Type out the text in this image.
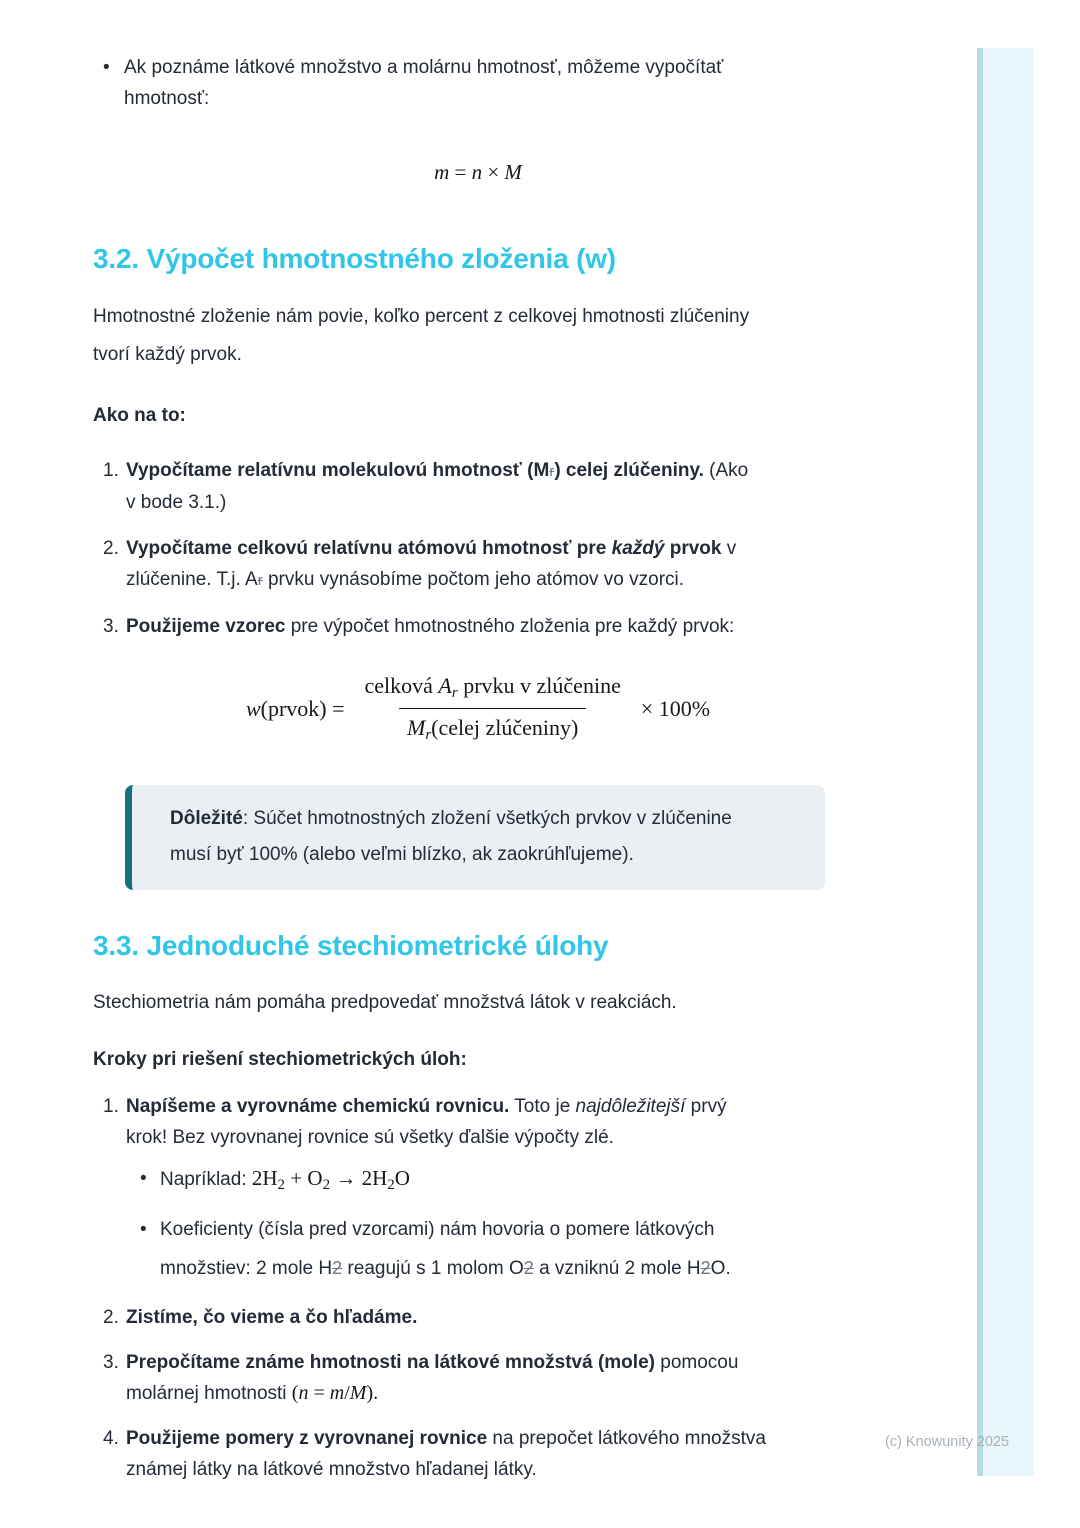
• Ak poznáme látkové množstvo a molárnu hmotnosť, môžeme vypočítať
hmotnosť:
m = n × M
3.2. Výpočet hmotnostného zloženia (w)
Hmotnostné zloženie nám povie, koľko percent z celkovej hmotnosti zlúčeniny
tvorí každý prvok.
Ako na to:
1. Vypočítame relatívnu molekulovú hmotnosť (Mr) celej zlúčeniny. (Ako
v bode 3.1.)
2. Vypočítame celkovú relatívnu atómovú hmotnosť pre každý prvok v
zlúčenine. T.j. Ar prvku vynásobíme počtom jeho atómov vo vzorci.
3. Použijeme vzorec pre výpočet hmotnostného zloženia pre každý prvok:
w(prvok) = $\frac{\text{celková Ar prvku v zlúčenine}}{\text{Mr(celej zlúčeniny)}} \times 100\%$
Dôležité: Súčet hmotnostných zložení všetkých prvkov v zlúčenine
musí byť 100% (alebo veľmi blízko, ak zaokrúhľujeme).
3.3. Jednoduché stechiometrické úlohy
Stechiometria nám pomáha predpovedať množstvá látok v reakciách.
Kroky pri riešení stechiometrických úloh:
1. Napíšeme a vyrovnáme chemickú rovnicu. Toto je najdôležitejší prvý
krok! Bez vyrovnanej rovnice sú všetky ďalšie výpočty zlé.
• Napríklad: 2H2 + O2 → 2H2O
• Koeficienty (čísla pred vzorcami) nám hovoria o pomere látkových
množstiev: 2 mole H2 reagujú s 1 molom O2 a vzniknú 2 mole H2O.
2. Zistíme, čo vieme a čo hľadáme.
3. Prepočítame známe hmotnosti na látkové množstvá (mole) pomocou
molárnej hmotnosti (n = m/M).
4. Použijeme pomery z vyrovnanej rovnice na prepočet látkového množstva
známej látky na látkové množstvo hľadanej látky.
(c) Knowunity 2025
